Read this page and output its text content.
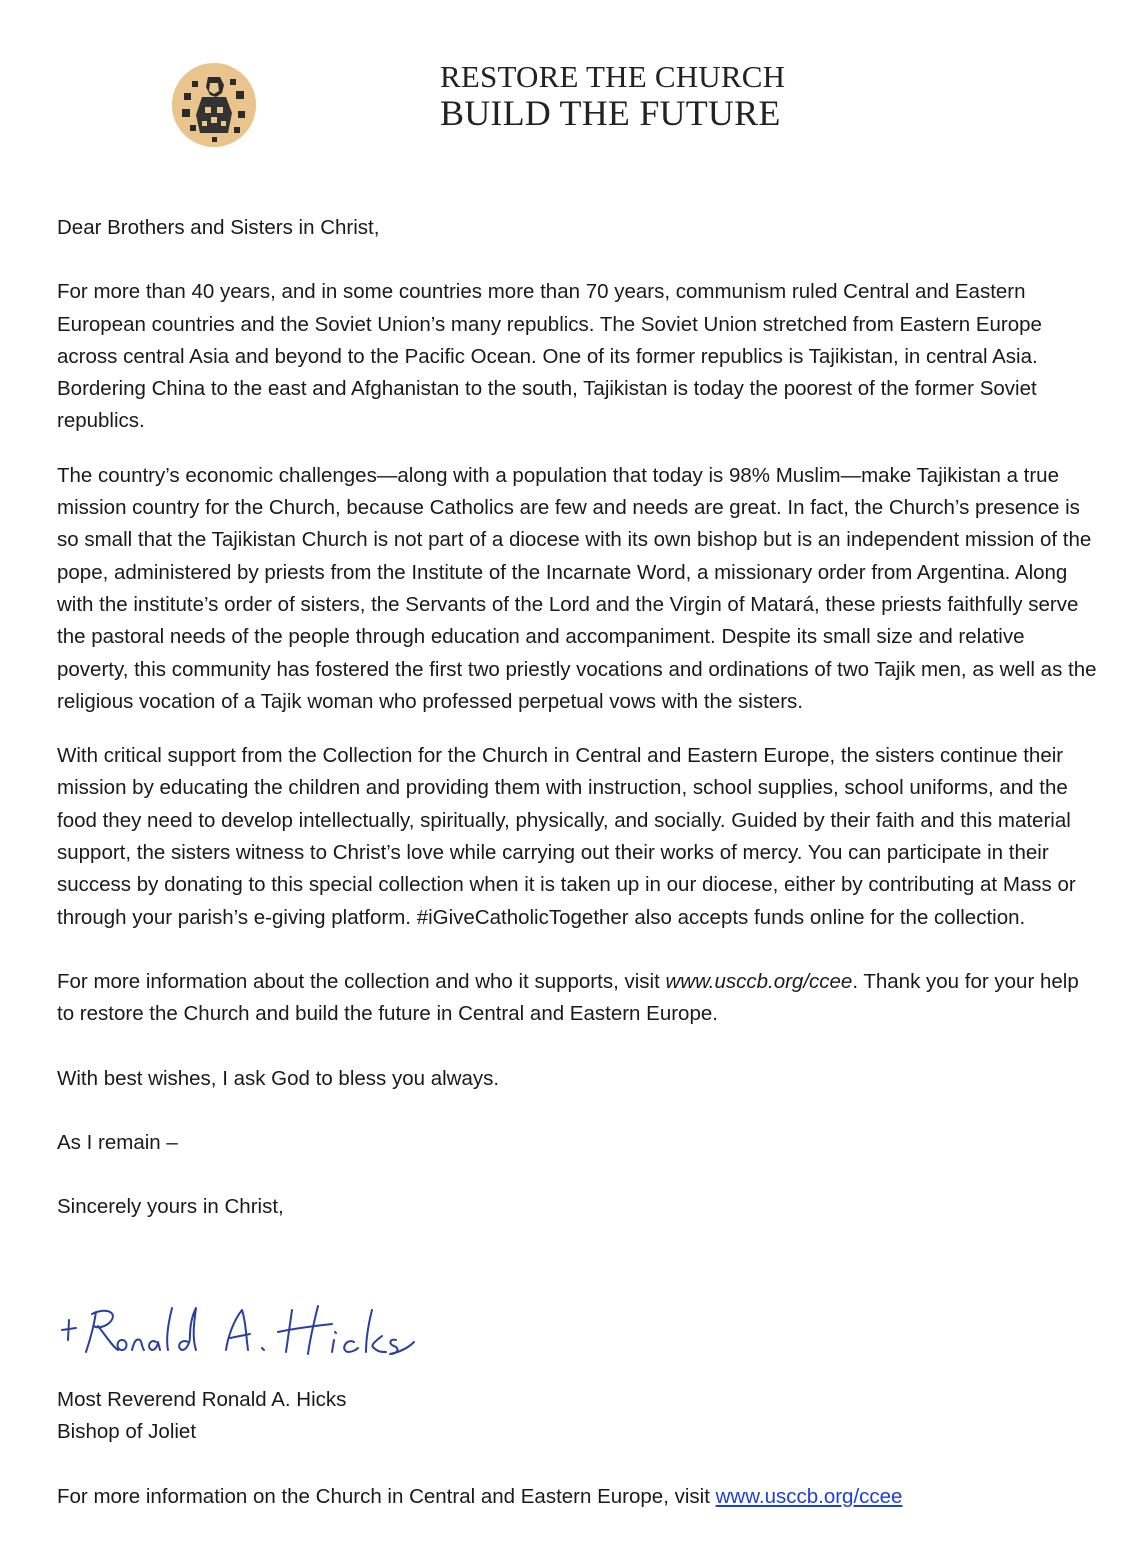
RESTORE THE CHURCH
BUILD THE FUTURE

Dear Brothers and Sisters in Christ,

For more than 40 years, and in some countries more than 70 years, communism ruled Central and Eastern European countries and the Soviet Union’s many republics. The Soviet Union stretched from Eastern Europe across central Asia and beyond to the Pacific Ocean. One of its former republics is Tajikistan, in central Asia. Bordering China to the east and Afghanistan to the south, Tajikistan is today the poorest of the former Soviet republics.

The country’s economic challenges—along with a population that today is 98% Muslim—make Tajikistan a true mission country for the Church, because Catholics are few and needs are great. In fact, the Church’s presence is so small that the Tajikistan Church is not part of a diocese with its own bishop but is an independent mission of the pope, administered by priests from the Institute of the Incarnate Word, a missionary order from Argentina. Along with the institute’s order of sisters, the Servants of the Lord and the Virgin of Matará, these priests faithfully serve the pastoral needs of the people through education and accompaniment. Despite its small size and relative poverty, this community has fostered the first two priestly vocations and ordinations of two Tajik men, as well as the religious vocation of a Tajik woman who professed perpetual vows with the sisters.

With critical support from the Collection for the Church in Central and Eastern Europe, the sisters continue their mission by educating the children and providing them with instruction, school supplies, school uniforms, and the food they need to develop intellectually, spiritually, physically, and socially. Guided by their faith and this material support, the sisters witness to Christ’s love while carrying out their works of mercy. You can participate in their success by donating to this special collection when it is taken up in our diocese, either by contributing at Mass or through your parish’s e-giving platform. #iGiveCatholicTogether also accepts funds online for the collection.

For more information about the collection and who it supports, visit www.usccb.org/ccee. Thank you for your help to restore the Church and build the future in Central and Eastern Europe.

With best wishes, I ask God to bless you always.

As I remain –

Sincerely yours in Christ,

Most Reverend Ronald A. Hicks
Bishop of Joliet
For more information on the Church in Central and Eastern Europe, visit www.usccb.org/ccee
